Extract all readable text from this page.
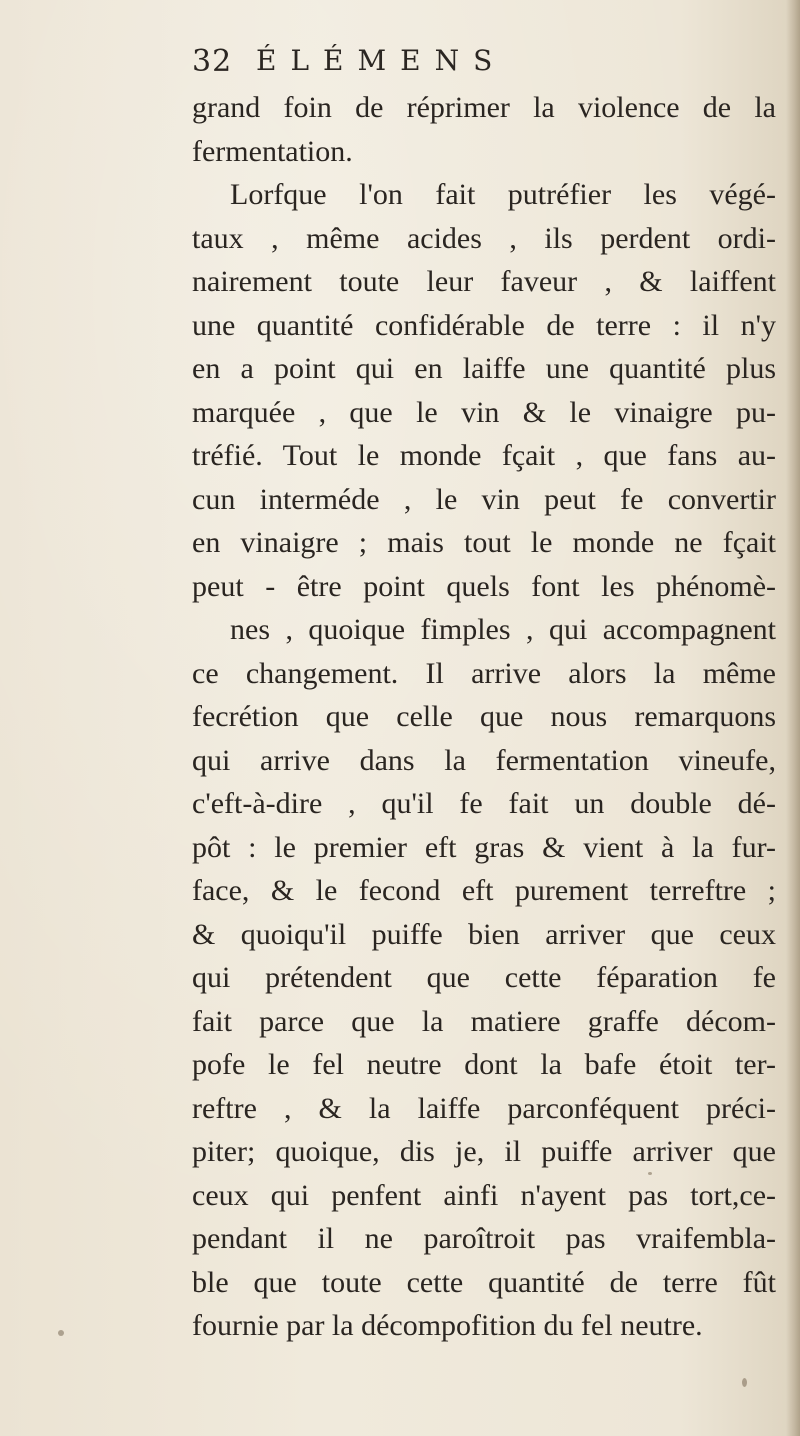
32 ÉLÉMENS
grand foin de réprimer la violence de la
fermentation.
Lorfque l'on fait putréfier les végé-
taux , même acides , ils perdent ordi-
nairement toute leur faveur , & laiffent
une quantité confidérable de terre : il n'y
en a point qui en laiffe une quantité plus
marquée , que le vin & le vinaigre pu-
tréfié. Tout le monde fçait , que fans au-
cun interméde , le vin peut fe convertir
en vinaigre ; mais tout le monde ne fçait
peut - être point quels font les phénomè-
nes , quoique fimples , qui accompagnent
ce changement. Il arrive alors la même
fecrétion que celle que nous remarquons
qui arrive dans la fermentation vineufe,
c'eft-à-dire , qu'il fe fait un double dé-
pôt : le premier eft gras & vient à la fur-
face, & le fecond eft purement terreftre ;
& quoiqu'il puiffe bien arriver que ceux
qui prétendent que cette féparation fe
fait parce que la matiere graffe décom-
pofe le fel neutre dont la bafe étoit ter-
reftre , & la laiffe parconféquent préci-
piter; quoique, dis je, il puiffe arriver que
ceux qui penfent ainfi n'ayent pas tort,ce-
pendant il ne paroîtroit pas vraifembla-
ble que toute cette quantité de terre fût
fournie par la décompofition du fel neutre.
